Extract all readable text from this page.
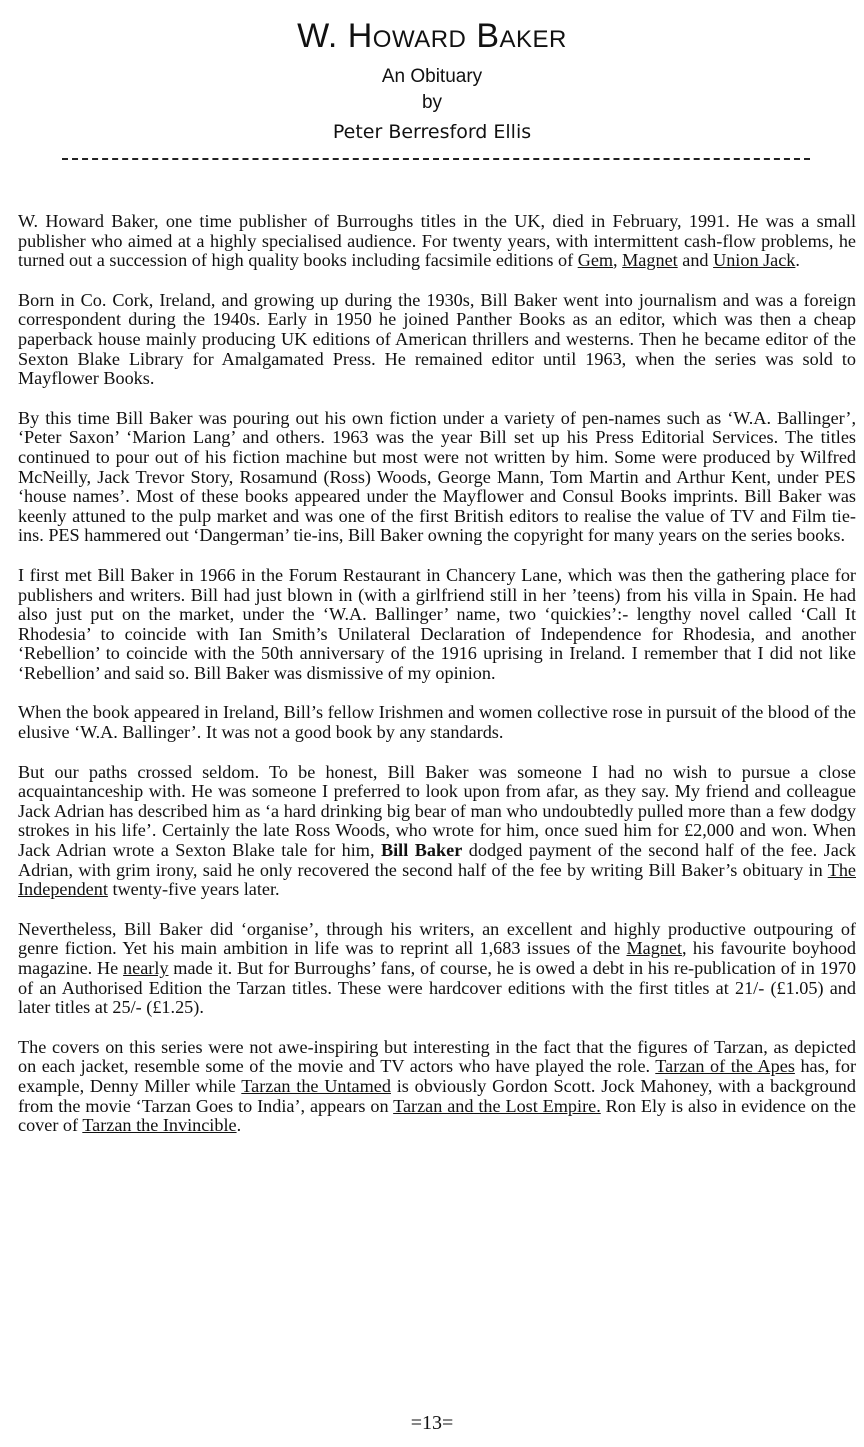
W. Howard Baker
An Obituary
by
Peter Berresford Ellis

W. Howard Baker, one time publisher of Burroughs titles in the UK, died in February, 1991. He was a small publisher who aimed at a highly specialised audience. For twenty years, with intermittent cash-flow problems, he turned out a succession of high quality books including facsimile editions of Gem, Magnet and Union Jack.

Born in Co. Cork, Ireland, and growing up during the 1930s, Bill Baker went into journalism and was a foreign correspondent during the 1940s. Early in 1950 he joined Panther Books as an editor, which was then a cheap paperback house mainly producing UK editions of American thrillers and westerns. Then he became editor of the Sexton Blake Library for Amalgamated Press. He remained editor until 1963, when the series was sold to Mayflower Books.

By this time Bill Baker was pouring out his own fiction under a variety of pen-names such as ‘W.A. Ballinger’, ‘Peter Saxon’ ‘Marion Lang’ and others. 1963 was the year Bill set up his Press Editorial Services. The titles continued to pour out of his fiction machine but most were not written by him. Some were produced by Wilfred McNeilly, Jack Trevor Story, Rosamund (Ross) Woods, George Mann, Tom Martin and Arthur Kent, under PES ‘house names’. Most of these books appeared under the Mayflower and Consul Books imprints. Bill Baker was keenly attuned to the pulp market and was one of the first British editors to realise the value of TV and Film tie-ins. PES hammered out ‘Dangerman’ tie-ins, Bill Baker owning the copyright for many years on the series books.

I first met Bill Baker in 1966 in the Forum Restaurant in Chancery Lane, which was then the gathering place for publishers and writers. Bill had just blown in (with a girlfriend still in her ’teens) from his villa in Spain. He had also just put on the market, under the ‘W.A. Ballinger’ name, two ‘quickies’:- lengthy novel called ‘Call It Rhodesia’ to coincide with Ian Smith’s Unilateral Declaration of Independence for Rhodesia, and another ‘Rebellion’ to coincide with the 50th anniversary of the 1916 uprising in Ireland. I remember that I did not like ‘Rebellion’ and said so. Bill Baker was dismissive of my opinion.

When the book appeared in Ireland, Bill’s fellow Irishmen and women collective rose in pursuit of the blood of the elusive ‘W.A. Ballinger’. It was not a good book by any standards.

But our paths crossed seldom. To be honest, Bill Baker was someone I had no wish to pursue a close acquaintanceship with. He was someone I preferred to look upon from afar, as they say. My friend and colleague Jack Adrian has described him as ‘a hard drinking big bear of man who undoubtedly pulled more than a few dodgy strokes in his life’. Certainly the late Ross Woods, who wrote for him, once sued him for £2,000 and won. When Jack Adrian wrote a Sexton Blake tale for him, Bill Baker dodged payment of the second half of the fee. Jack Adrian, with grim irony, said he only recovered the second half of the fee by writing Bill Baker’s obituary in The Independent twenty-five years later.

Nevertheless, Bill Baker did ‘organise’, through his writers, an excellent and highly productive outpouring of genre fiction. Yet his main ambition in life was to reprint all 1,683 issues of the Magnet, his favourite boyhood magazine. He nearly made it. But for Burroughs’ fans, of course, he is owed a debt in his re-publication of in 1970 of an Authorised Edition the Tarzan titles. These were hardcover editions with the first titles at 21/- (£1.05) and later titles at 25/- (£1.25).

The covers on this series were not awe-inspiring but interesting in the fact that the figures of Tarzan, as depicted on each jacket, resemble some of the movie and TV actors who have played the role. Tarzan of the Apes has, for example, Denny Miller while Tarzan the Untamed is obviously Gordon Scott. Jock Mahoney, with a background from the movie ‘Tarzan Goes to India’, appears on Tarzan and the Lost Empire. Ron Ely is also in evidence on the cover of Tarzan the Invincible.

=13=
